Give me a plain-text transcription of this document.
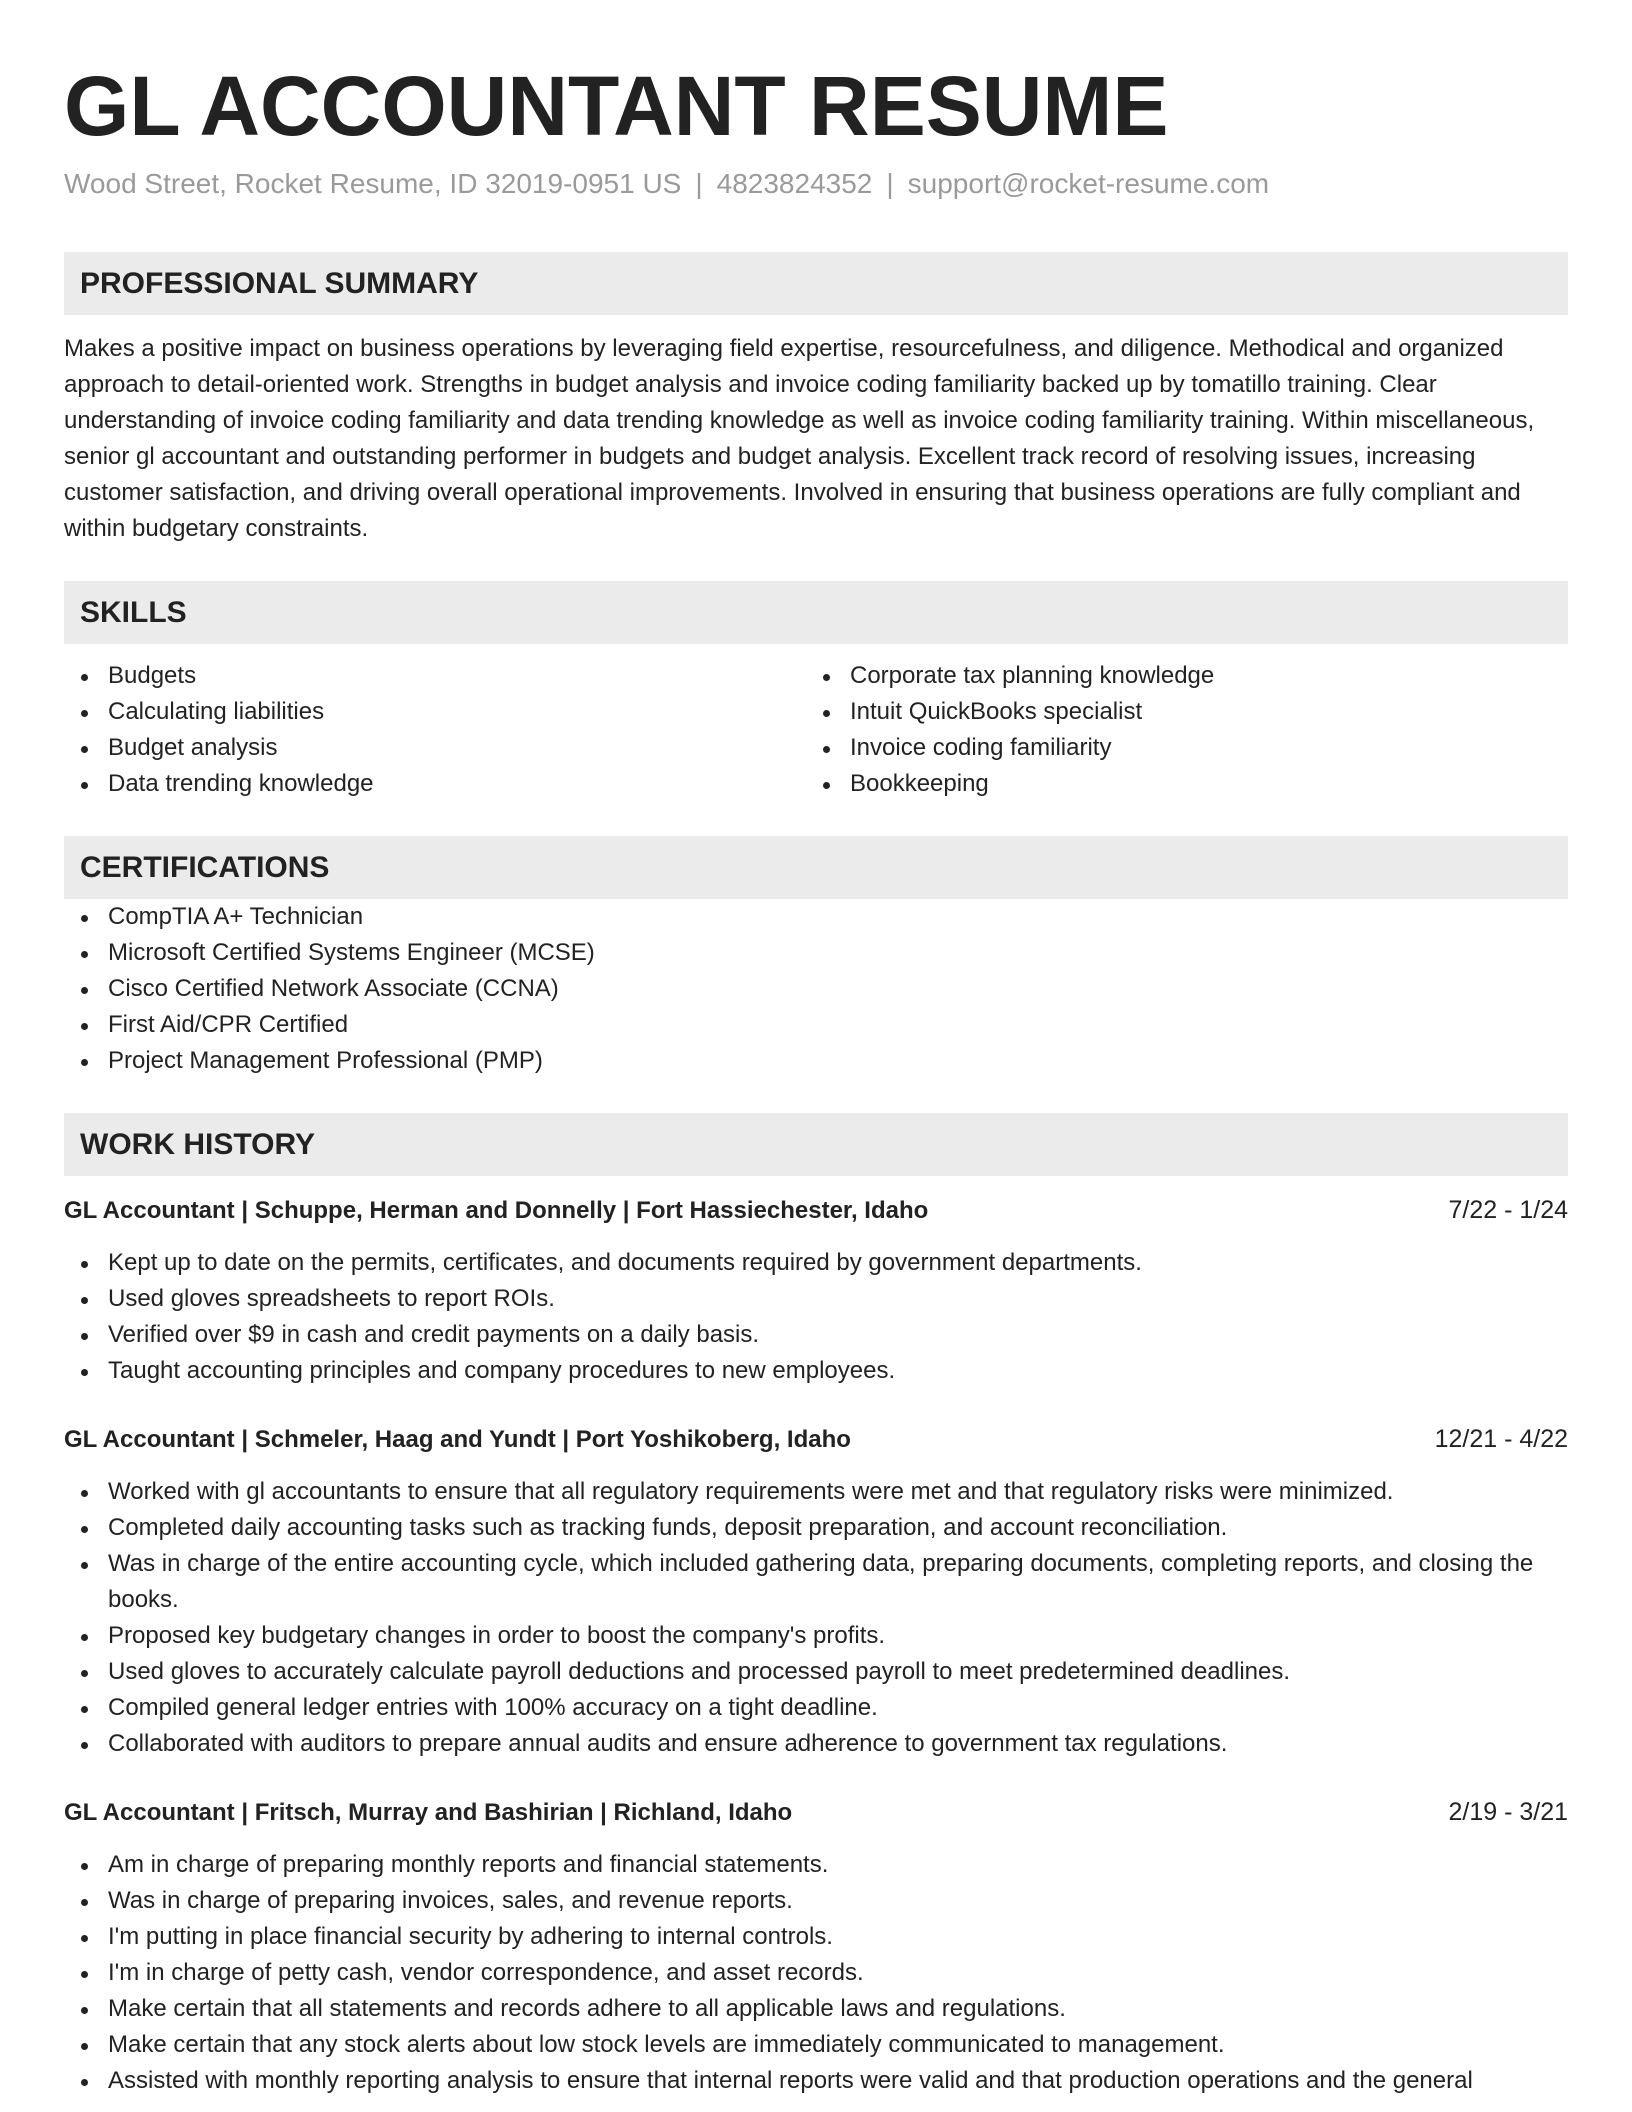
GL ACCOUNTANT RESUME
Wood Street, Rocket Resume, ID 32019-0951 US | 4823824352 | support@rocket-resume.com
PROFESSIONAL SUMMARY

Makes a positive impact on business operations by leveraging field expertise, resourcefulness, and diligence. Methodical and organized approach to detail-oriented work. Strengths in budget analysis and invoice coding familiarity backed up by tomatillo training. Clear understanding of invoice coding familiarity and data trending knowledge as well as invoice coding familiarity training. Within miscellaneous, senior gl accountant and outstanding performer in budgets and budget analysis. Excellent track record of resolving issues, increasing customer satisfaction, and driving overall operational improvements. Involved in ensuring that business operations are fully compliant and within budgetary constraints.

SKILLS
Budgets
Calculating liabilities
Budget analysis
Data trending knowledge
Corporate tax planning knowledge
Intuit QuickBooks specialist
Invoice coding familiarity
Bookkeeping
CERTIFICATIONS
CompTIA A+ Technician
Microsoft Certified Systems Engineer (MCSE)
Cisco Certified Network Associate (CCNA)
First Aid/CPR Certified
Project Management Professional (PMP)
WORK HISTORY
GL Accountant | Schuppe, Herman and Donnelly | Fort Hassiechester, Idaho	7/22 - 1/24
Kept up to date on the permits, certificates, and documents required by government departments.
Used gloves spreadsheets to report ROIs.
Verified over $9 in cash and credit payments on a daily basis.
Taught accounting principles and company procedures to new employees.
GL Accountant | Schmeler, Haag and Yundt | Port Yoshikoberg, Idaho	12/21 - 4/22
Worked with gl accountants to ensure that all regulatory requirements were met and that regulatory risks were minimized.
Completed daily accounting tasks such as tracking funds, deposit preparation, and account reconciliation.
Was in charge of the entire accounting cycle, which included gathering data, preparing documents, completing reports, and closing the books.
Proposed key budgetary changes in order to boost the company's profits.
Used gloves to accurately calculate payroll deductions and processed payroll to meet predetermined deadlines.
Compiled general ledger entries with 100% accuracy on a tight deadline.
Collaborated with auditors to prepare annual audits and ensure adherence to government tax regulations.
GL Accountant | Fritsch, Murray and Bashirian | Richland, Idaho	2/19 - 3/21
Am in charge of preparing monthly reports and financial statements.
Was in charge of preparing invoices, sales, and revenue reports.
I'm putting in place financial security by adhering to internal controls.
I'm in charge of petty cash, vendor correspondence, and asset records.
Make certain that all statements and records adhere to all applicable laws and regulations.
Make certain that any stock alerts about low stock levels are immediately communicated to management.
Assisted with monthly reporting analysis to ensure that internal reports were valid and that production operations and the general
